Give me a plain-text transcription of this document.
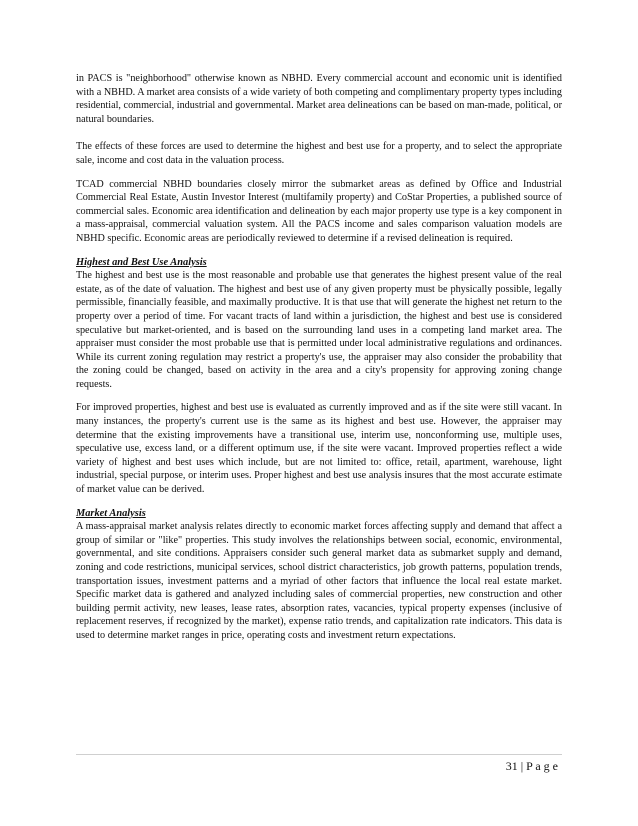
in PACS is "neighborhood" otherwise known as NBHD. Every commercial account and economic unit is identified with a NBHD. A market area consists of a wide variety of both competing and complimentary property types including residential, commercial, industrial and governmental. Market area delineations can be based on man-made, political, or natural boundaries.

The effects of these forces are used to determine the highest and best use for a property, and to select the appropriate sale, income and cost data in the valuation process.

TCAD commercial NBHD boundaries closely mirror the submarket areas as defined by Office and Industrial Commercial Real Estate, Austin Investor Interest (multifamily property) and CoStar Properties, a published source of commercial sales. Economic area identification and delineation by each major property use type is a key component in a mass-appraisal, commercial valuation system. All the PACS income and sales comparison valuation models are NBHD specific. Economic areas are periodically reviewed to determine if a revised delineation is required.

Highest and Best Use Analysis

The highest and best use is the most reasonable and probable use that generates the highest present value of the real estate, as of the date of valuation. The highest and best use of any given property must be physically possible, legally permissible, financially feasible, and maximally productive. It is that use that will generate the highest net return to the property over a period of time. For vacant tracts of land within a jurisdiction, the highest and best use is considered speculative but market-oriented, and is based on the surrounding land uses in a competing land market area. The appraiser must consider the most probable use that is permitted under local administrative regulations and ordinances. While its current zoning regulation may restrict a property's use, the appraiser may also consider the probability that the zoning could be changed, based on activity in the area and a city's propensity for approving zoning change requests.

For improved properties, highest and best use is evaluated as currently improved and as if the site were still vacant. In many instances, the property's current use is the same as its highest and best use. However, the appraiser may determine that the existing improvements have a transitional use, interim use, nonconforming use, multiple uses, speculative use, excess land, or a different optimum use, if the site were vacant. Improved properties reflect a wide variety of highest and best uses which include, but are not limited to: office, retail, apartment, warehouse, light industrial, special purpose, or interim uses. Proper highest and best use analysis insures that the most accurate estimate of market value can be derived.

Market Analysis

A mass-appraisal market analysis relates directly to economic market forces affecting supply and demand that affect a group of similar or "like" properties. This study involves the relationships between social, economic, environmental, governmental, and site conditions. Appraisers consider such general market data as submarket supply and demand, zoning and code restrictions, municipal services, school district characteristics, job growth patterns, population trends, transportation issues, investment patterns and a myriad of other factors that influence the local real estate market. Specific market data is gathered and analyzed including sales of commercial properties, new construction and other building permit activity, new leases, lease rates, absorption rates, vacancies, typical property expenses (inclusive of replacement reserves, if recognized by the market), expense ratio trends, and capitalization rate indicators. This data is used to determine market ranges in price, operating costs and investment return expectations.

31 | P a g e
